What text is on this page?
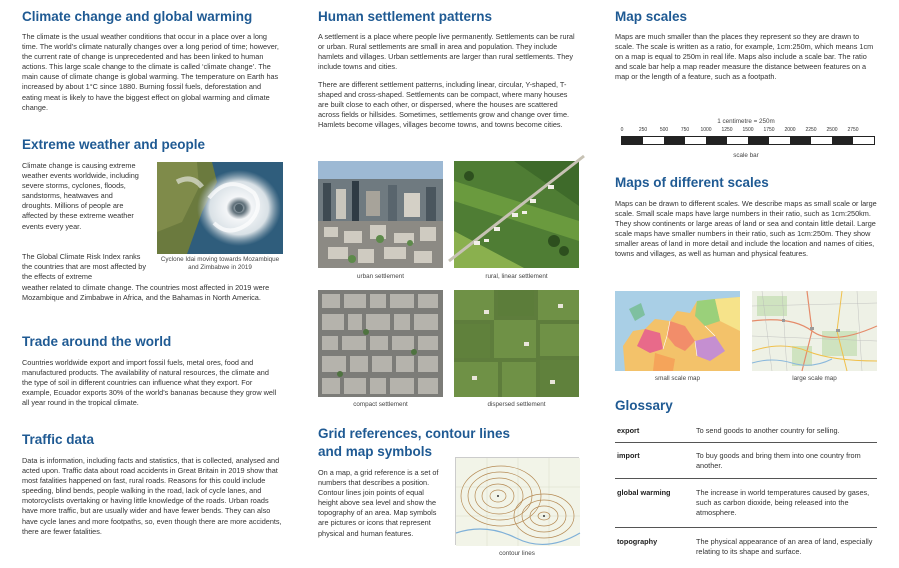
Climate change and global warming

The climate is the usual weather conditions that occur in a place over a long time. The world’s climate naturally changes over a long period of time; however, the current rate of change is unprecedented and has been linked to human actions. This large scale change to the climate is called ‘climate change’. The main cause of climate change is global warming. The temperature on Earth has increased by about 1°C since 1880. Burning fossil fuels, deforestation and eating meat is likely to have the biggest effect on global warming and climate change.

Extreme weather and people

Climate change is causing extreme weather events worldwide, including severe storms, cyclones, floods, sandstorms, heatwaves and droughts. Millions of people are affected by these extreme weather events every year.

The Global Climate Risk Index ranks the countries that are most affected by the effects of extreme

weather related to climate change. The countries most affected in 2019 were Mozambique and Zimbabwe in Africa, and the Bahamas in North America.

Cyclone Idai moving towards Mozambique and Zimbabwe in 2019
Trade around the world

Countries worldwide export and import fossil fuels, metal ores, food and manufactured products. The availability of natural resources, the climate and the type of soil in different countries can influence what they export. For example, Ecuador exports 30% of the world’s bananas because they grow well all year round in the tropical climate.

Traffic data

Data is information, including facts and statistics, that is collected, analysed and acted upon. Traffic data about road accidents in Great Britain in 2019 show that most fatalities happened on fast, rural roads. Reasons for this could include speeding, blind bends, people walking in the road, lack of cycle lanes, and motorcyclists overtaking or having little knowledge of the roads. Urban roads have more traffic, but are usually wider and have fewer bends. They can also have cycle lanes and more footpaths, so, even though there are more accidents, there are fewer fatalities.

Human settlement patterns

A settlement is a place where people live permanently. Settlements can be rural or urban. Rural settlements are small in area and population. They include hamlets and villages. Urban settlements are larger than rural settlements. They include towns and cities.

There are different settlement patterns, including linear, circular, Y-shaped, T-shaped and cross-shaped. Settlements can be compact, where many houses are built close to each other, or dispersed, where the houses are scattered across fields or hillsides. Sometimes, settlements grow and change over time. Hamlets become villages, villages become towns, and towns become cities.

urban settlement	rural, linear settlement
compact settlement	dispersed settlement
Grid references, contour lines
and map symbols

On a map, a grid reference is a set of numbers that describes a position. Contour lines join points of equal height above sea level and show the topography of an area. Map symbols are pictures or icons that represent physical and human features.

contour lines
Map scales

Maps are much smaller than the places they represent so they are drawn to scale. The scale is written as a ratio, for example, 1cm:250m, which means 1cm on a map is equal to 250m in real life. Maps also include a scale bar. The ratio and scale bar help a map reader measure the distance between features on a map or the length of a feature, such as a footpath.

1 centimetre = 250m
0	250	500	750 1000 1250 1500 1750 2000 2250 2500 2750
scale bar
Maps of different scales

Maps can be drawn to different scales. We describe maps as small scale or large scale. Small scale maps have large numbers in their ratio, such as 1cm:250km. They show continents or large areas of land or sea and contain little detail. Large scale maps have smaller numbers in their ratio, such as 1cm:250m. They show smaller areas of land in more detail and include the location and names of cities, towns and villages, as well as human and physical features.

small scale map	large scale map
Glossary
export	To send goods to another country for selling.
import	To buy goods and bring them into one country from another.
global warming	The increase in world temperatures caused by gases, such as carbon dioxide, being released into the atmosphere.
topography	The physical appearance of an area of land, especially relating to its shape and surface.
